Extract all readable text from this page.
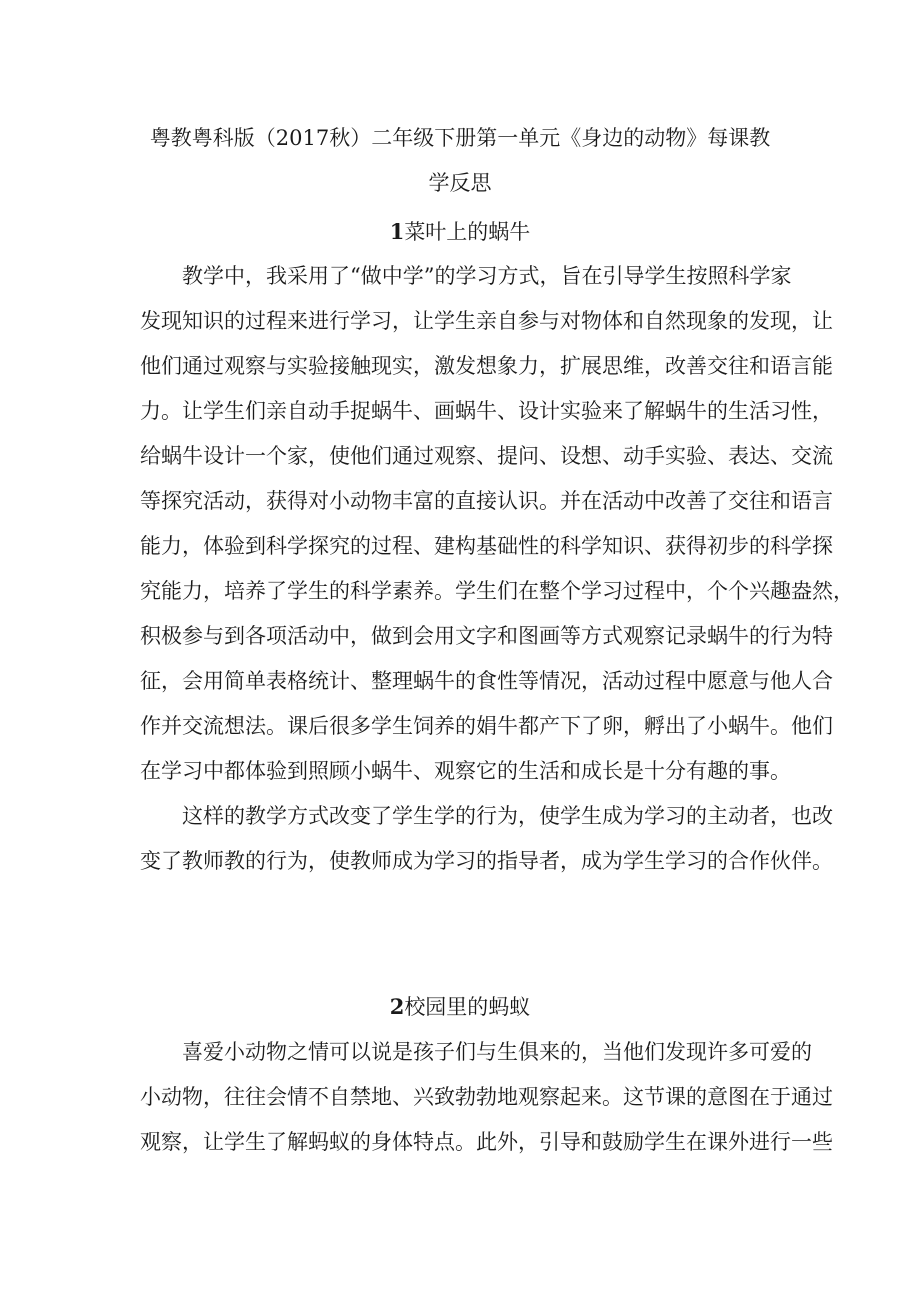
粤教粤科版（2017秋）二年级下册第一单元《身边的动物》每课教
学反思
1菜叶上的蜗牛
教学中，我采用了“做中学”的学习方式，旨在引导学生按照科学家
发现知识的过程来进行学习，让学生亲自参与对物体和自然现象的发现，让
他们通过观察与实验接触现实，激发想象力，扩展思维，改善交往和语言能
力。让学生们亲自动手捉蜗牛、画蜗牛、设计实验来了解蜗牛的生活习性，
给蜗牛设计一个家，使他们通过观察、提问、设想、动手实验、表达、交流
等探究活动，获得对小动物丰富的直接认识。并在活动中改善了交往和语言
能力，体验到科学探究的过程、建构基础性的科学知识、获得初步的科学探
究能力，培养了学生的科学素养。学生们在整个学习过程中，个个兴趣盎然，
积极参与到各项活动中，做到会用文字和图画等方式观察记录蜗牛的行为特
征，会用简单表格统计、整理蜗牛的食性等情况，活动过程中愿意与他人合
作并交流想法。课后很多学生饲养的娟牛都产下了卵，孵出了小蜗牛。他们
在学习中都体验到照顾小蜗牛、观察它的生活和成长是十分有趣的事。
这样的教学方式改变了学生学的行为，使学生成为学习的主动者，也改
变了教师教的行为，使教师成为学习的指导者，成为学生学习的合作伙伴。
2校园里的蚂蚁
喜爱小动物之情可以说是孩子们与生俱来的，当他们发现许多可爱的
小动物，往往会情不自禁地、兴致勃勃地观察起来。这节课的意图在于通过
观察，让学生了解蚂蚁的身体特点。此外，引导和鼓励学生在课外进行一些
